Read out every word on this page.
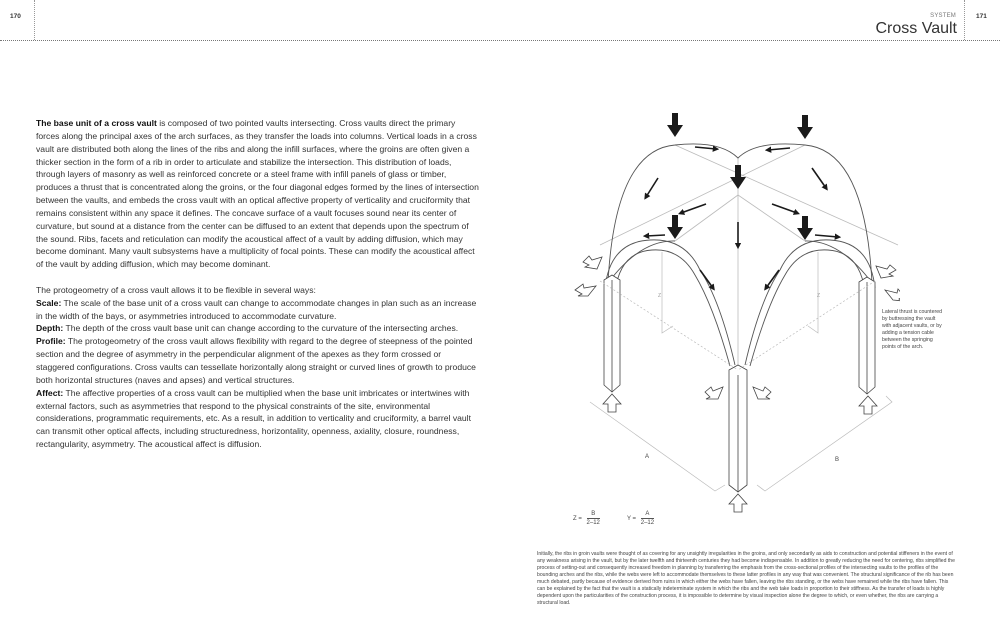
170	SYSTEM
Cross Vault
171

The base unit of a cross vault is composed of two pointed vaults intersecting. Cross vaults direct the primary forces along the principal axes of the arch surfaces, as they transfer the loads into columns. Vertical loads in a cross vault are distributed both along the lines of the ribs and along the infill surfaces, where the groins are often given a thicker section in the form of a rib in order to articulate and stabilize the intersection. This distribution of loads, through layers of masonry as well as reinforced concrete or a steel frame with infill panels of glass or timber, produces a thrust that is concentrated along the groins, or the four diagonal edges formed by the lines of intersection between the vaults, and embeds the cross vault with an optical affective property of verticality and cruciformity that remains consistent within any space it defines. The concave surface of a vault focuses sound near its center of curvature, but sound at a distance from the center can be diffused to an extent that depends upon the spectrum of the sound. Ribs, facets and reticulation can modify the acoustical affect of a vault by adding diffusion, which may become dominant. Many vault subsystems have a multiplicity of focal points. These can modify the acoustical affect of the vault by adding diffusion, which may become dominant.

The protogeometry of a cross vault allows it to be flexible in several ways:

Scale: The scale of the base unit of a cross vault can change to accommodate changes in plan such as an increase in the width of the bays, or asymmetries introduced to accommodate curvature.

Depth: The depth of the cross vault base unit can change according to the curvature of the intersecting arches.

Profile: The protogeometry of the cross vault allows flexibility with regard to the degree of steepness of the pointed section and the degree of asymmetry in the perpendicular alignment of the apexes as they form crossed or staggered configurations. Cross vaults can tessellate horizontally along straight or curved lines of growth to produce both horizontal structures (naves and apses) and vertical structures.

Affect: The affective properties of a cross vault can be multiplied when the base unit imbricates or intertwines with external factors, such as asymmetries that respond to the physical constraints of the site, environmental considerations, programmatic requirements, etc. As a result, in addition to verticality and cruciformity, a barrel vault can transmit other optical affects, including structuredness, horizontality, openness, axiality, closure, roundness, rectangularity, asymmetry. The acoustical affect is diffusion.

A	B
Z	Z
Lateral thrust is countered by buttressing the vault with adjacent vaults, or by adding a tension cable between the springing points of the arch.
$Z = \frac{B}{2-12}$	$Y = \frac{A}{2-12}$
Initially, the ribs in groin vaults were thought of as covering for any unsightly irregularities in the groins, and only secondarily as aids to construction and potential stiffeners in the event of any weakness arising in the vault, but by the later twelfth and thirteenth centuries they had become indispensable. In addition to greatly reducing the need for centering, ribs simplified the process of setting-out and consequently increased freedom in planning by transferring the emphasis from the cross-sectional profiles of the intersecting vaults to the profiles of the bounding arches and the ribs, while the webs were left to accommodate themselves to these latter profiles in any way that was convenient. The structural significance of the rib has been much debated, partly because of evidence derived from ruins in which either the webs have fallen, leaving the ribs standing, or the webs have remained while the ribs have fallen. This can be explained by the fact that the vault is a statically indeterminate system in which the ribs and the web take loads in proportion to their stiffness. As the transfer of loads is highly dependent upon the particularities of the construction process, it is impossible to determine by visual inspection alone the degree to which, or even whether, the ribs are carrying a structural load.
